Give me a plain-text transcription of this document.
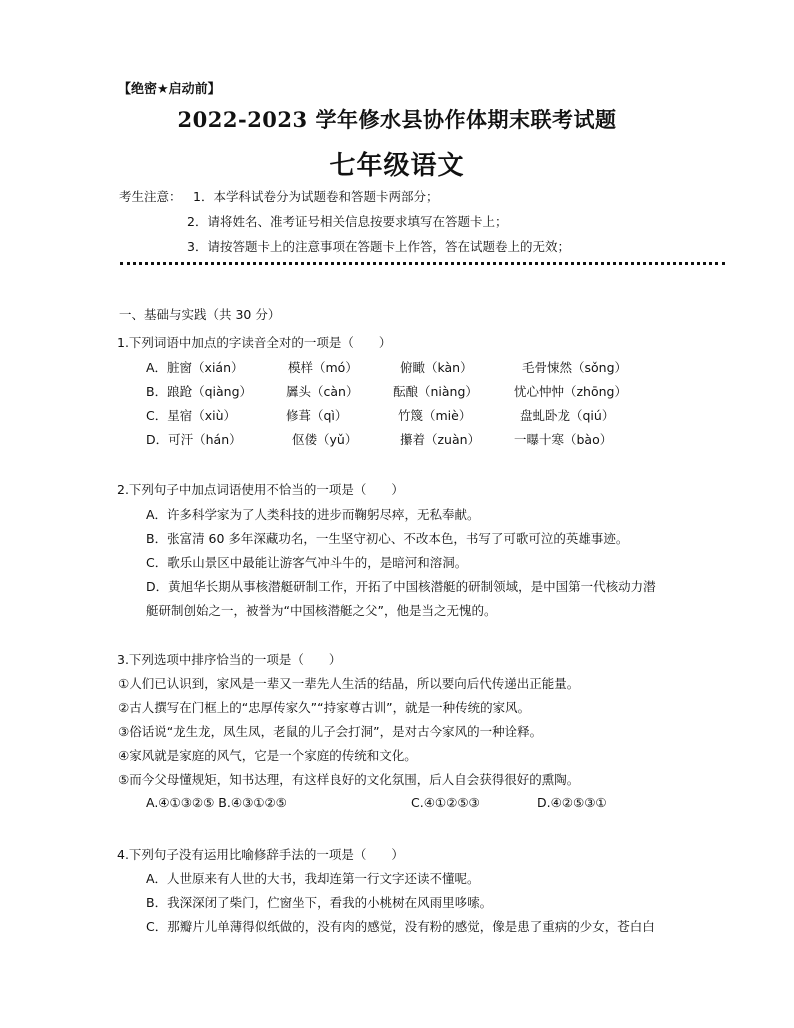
【绝密★启动前】
2022-2023 学年修水县协作体期末联考试题
七年级语文
考生注意： 1．本学科试卷分为试题卷和答题卡两部分；
2．请将姓名、准考证号相关信息按要求填写在答题卡上；
3．请按答题卡上的注意事项在答题卡上作答，答在试题卷上的无效；
一、基础与实践（共 30 分）
1.下列词语中加点的字读音全对的一项是（　　）
A．脏窗（xián）	模样（mó）	俯瞰（kàn）	毛骨悚然（sǒng）
B．踉跄（qiàng）	羼头（càn）	酝酿（niàng）	忧心忡忡（zhōng）
C．星宿（xiù）	修葺（qì）	竹篾（miè）	盘虬卧龙（qiú）
D．可汗（hán）	伛偻（yǔ）	攥着（zuàn）	一曝十寒（bào）
2.下列句子中加点词语使用不恰当的一项是（　　）
A．许多科学家为了人类科技的进步而鞠躬尽瘁，无私奉献。
B．张富清 60 多年深藏功名，一生坚守初心、不改本色，书写了可歌可泣的英雄事迹。
C．歌乐山景区中最能让游客气冲斗牛的，是暗河和溶洞。
D．黄旭华长期从事核潜艇研制工作，开拓了中国核潜艇的研制领域，是中国第一代核动力潜
艇研制创始之一，被誉为“中国核潜艇之父”，他是当之无愧的。
3.下列选项中排序恰当的一项是（　　）
①人们已认识到，家风是一辈又一辈先人生活的结晶，所以要向后代传递出正能量。
②古人撰写在门框上的“忠厚传家久”“持家尊古训”，就是一种传统的家风。
③俗话说“龙生龙，凤生凤，老鼠的儿子会打洞”，是对古今家风的一种诠释。
④家风就是家庭的风气，它是一个家庭的传统和文化。
⑤而今父母懂规矩，知书达理，有这样良好的文化氛围，后人自会获得很好的熏陶。
A.④①③②⑤ B.④③①②⑤	C.④①②⑤③	D.④②⑤③①
4.下列句子没有运用比喻修辞手法的一项是（　　）
A．人世原来有人世的大书，我却连第一行文字还读不懂呢。
B．我深深闭了柴门，伫窗坐下，看我的小桃树在风雨里哆嗦。
C．那瓣片儿单薄得似纸做的，没有肉的感觉，没有粉的感觉，像是患了重病的少女，苍白白
